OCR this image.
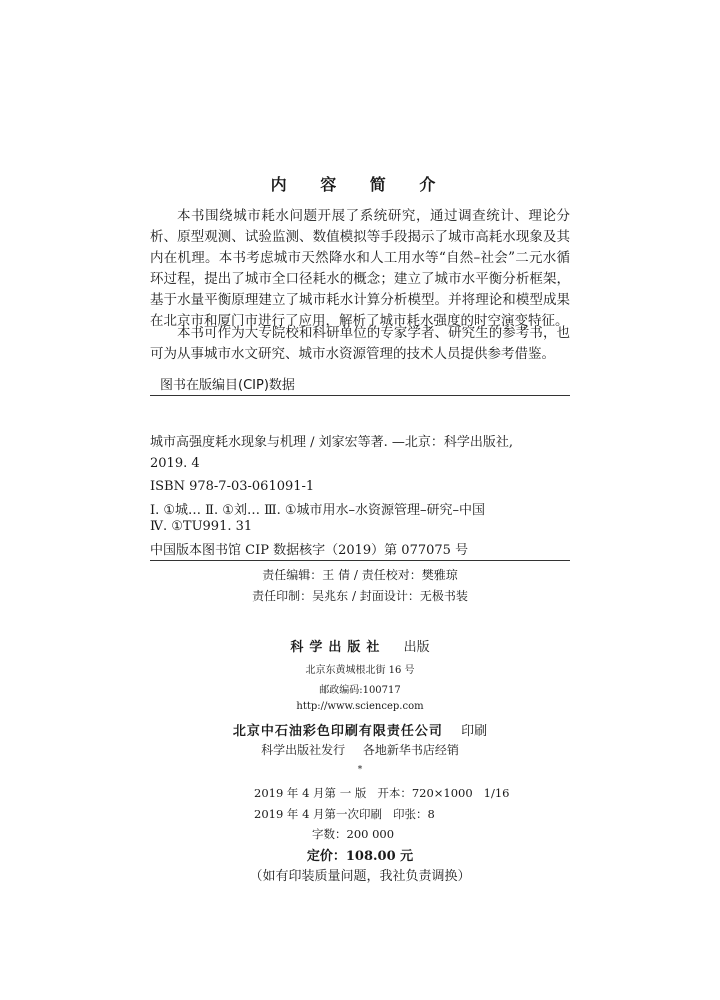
内 容 简 介

本书围绕城市耗水问题开展了系统研究，通过调查统计、理论分析、原型观测、试验监测、数值模拟等手段揭示了城市高耗水现象及其内在机理。本书考虑城市天然降水和人工用水等“自然–社会”二元水循环过程，提出了城市全口径耗水的概念；建立了城市水平衡分析框架，基于水量平衡原理建立了城市耗水计算分析模型。并将理论和模型成果在北京市和厦门市进行了应用，解析了城市耗水强度的时空演变特征。

本书可作为大专院校和科研单位的专家学者、研究生的参考书，也可为从事城市水文研究、城市水资源管理的技术人员提供参考借鉴。

图书在版编目(CIP)数据
城市高强度耗水现象与机理 / 刘家宏等著. —北京：科学出版社,
2019. 4
ISBN 978-7-03-061091-1
Ⅰ. ①城… Ⅱ. ①刘… Ⅲ. ①城市用水–水资源管理–研究–中国
Ⅳ. ①TU991. 31
中国版本图书馆 CIP 数据核字（2019）第 077075 号
责任编辑：王 倩 / 责任校对：樊雅琼
责任印制：吴兆东 / 封面设计：无极书装
科学出版社 出版
北京东黄城根北街 16 号
邮政编码:100717
http://www.sciencep.com
北京中石油彩色印刷有限责任公司 印刷
科学出版社发行 各地新华书店经销
*
2019 年 4 月第 一 版   开本：720×1000   1/16
2019 年 4 月第一次印刷   印张：8
字数：200 000
定价：108.00 元
（如有印装质量问题，我社负责调换）
